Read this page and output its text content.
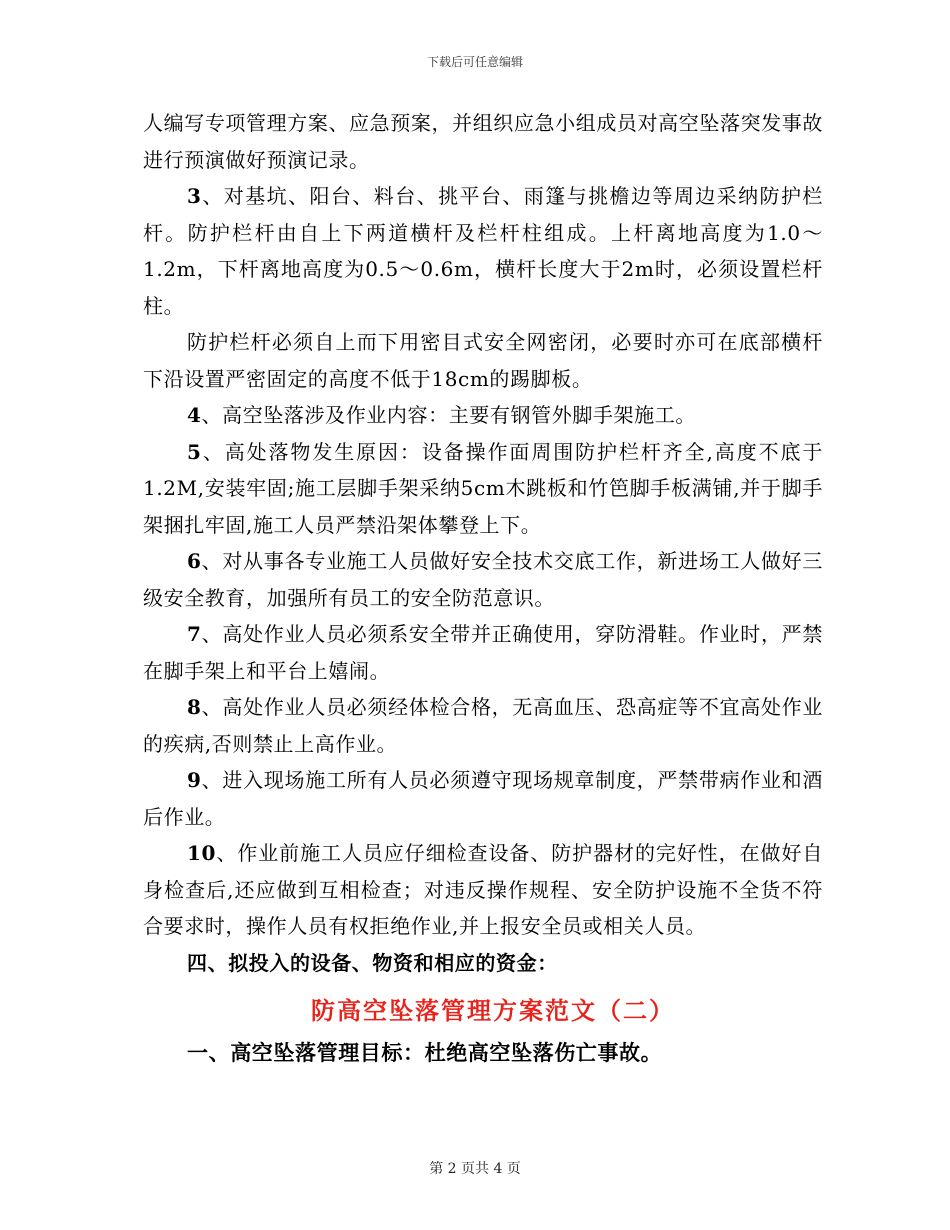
下载后可任意编辑

人编写专项管理方案、应急预案，并组织应急小组成员对高空坠落突发事故进行预演做好预演记录。

3、对基坑、阳台、料台、挑平台、雨篷与挑檐边等周边采纳防护栏杆。防护栏杆由自上下两道横杆及栏杆柱组成。上杆离地高度为1.0～1.2m，下杆离地高度为0.5～0.6m，横杆长度大于2m时，必须设置栏杆柱。

防护栏杆必须自上而下用密目式安全网密闭，必要时亦可在底部横杆下沿设置严密固定的高度不低于18cm的踢脚板。

4、高空坠落涉及作业内容：主要有钢管外脚手架施工。

5、高处落物发生原因：设备操作面周围防护栏杆齐全,高度不底于1.2M,安装牢固;施工层脚手架采纳5cm木跳板和竹笆脚手板满铺,并于脚手架捆扎牢固,施工人员严禁沿架体攀登上下。

6、对从事各专业施工人员做好安全技术交底工作，新进场工人做好三级安全教育，加强所有员工的安全防范意识。

7、高处作业人员必须系安全带并正确使用，穿防滑鞋。作业时，严禁在脚手架上和平台上嬉闹。

8、高处作业人员必须经体检合格，无高血压、恐高症等不宜高处作业的疾病,否则禁止上高作业。

9、进入现场施工所有人员必须遵守现场规章制度，严禁带病作业和酒后作业。

10、作业前施工人员应仔细检查设备、防护器材的完好性，在做好自身检查后,还应做到互相检查；对违反操作规程、安全防护设施不全货不符合要求时，操作人员有权拒绝作业,并上报安全员或相关人员。

四、拟投入的设备、物资和相应的资金：

防高空坠落管理方案范文（二）

一、高空坠落管理目标：杜绝高空坠落伤亡事故。

第 2 页共 4 页
